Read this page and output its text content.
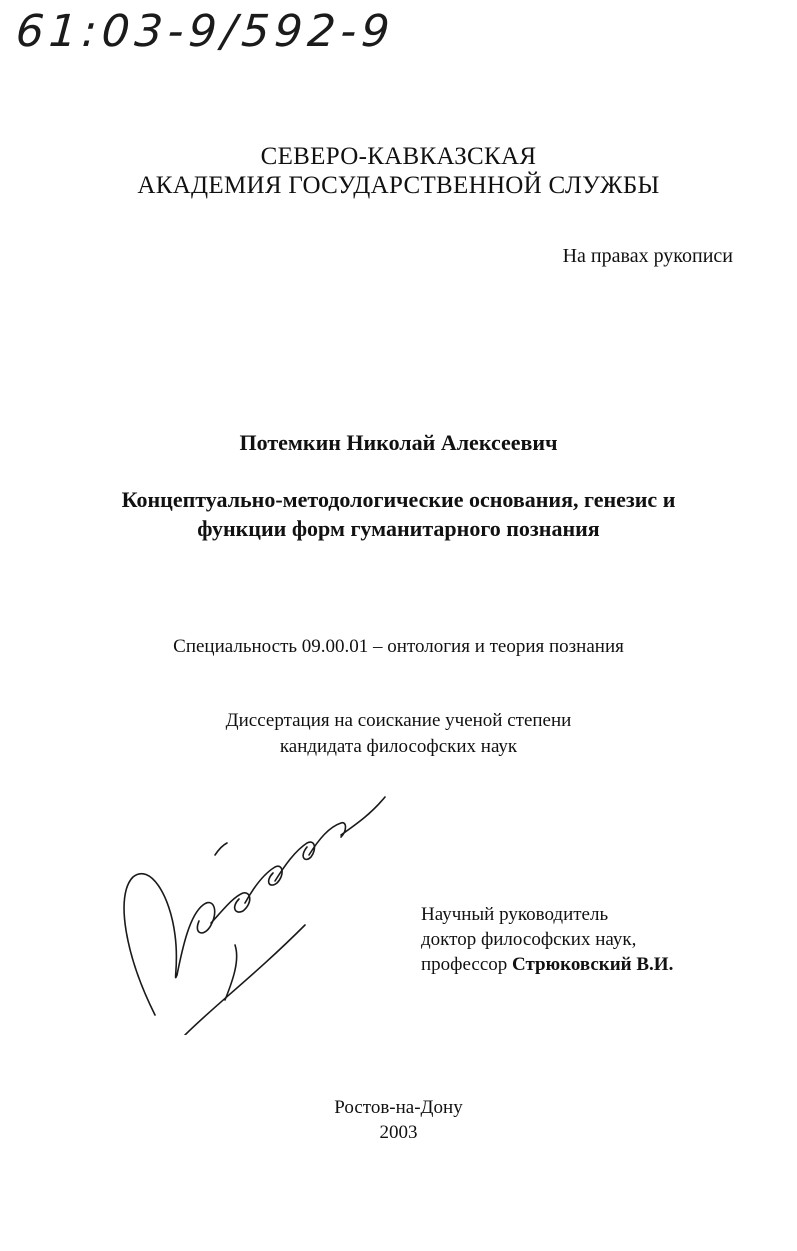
61:03-9/592-9
СЕВЕРО-КАВКАЗСКАЯ
АКАДЕМИЯ ГОСУДАРСТВЕННОЙ СЛУЖБЫ
На правах рукописи
Потемкин Николай Алексеевич
Концептуально-методологические основания, генезис и
функции форм гуманитарного познания
Специальность 09.00.01 – онтология и теория познания
Диссертация на соискание ученой степени
кандидата философских наук
Научный руководитель
доктор философских наук,
профессор Стрюковский В.И.
Ростов-на-Дону
2003
